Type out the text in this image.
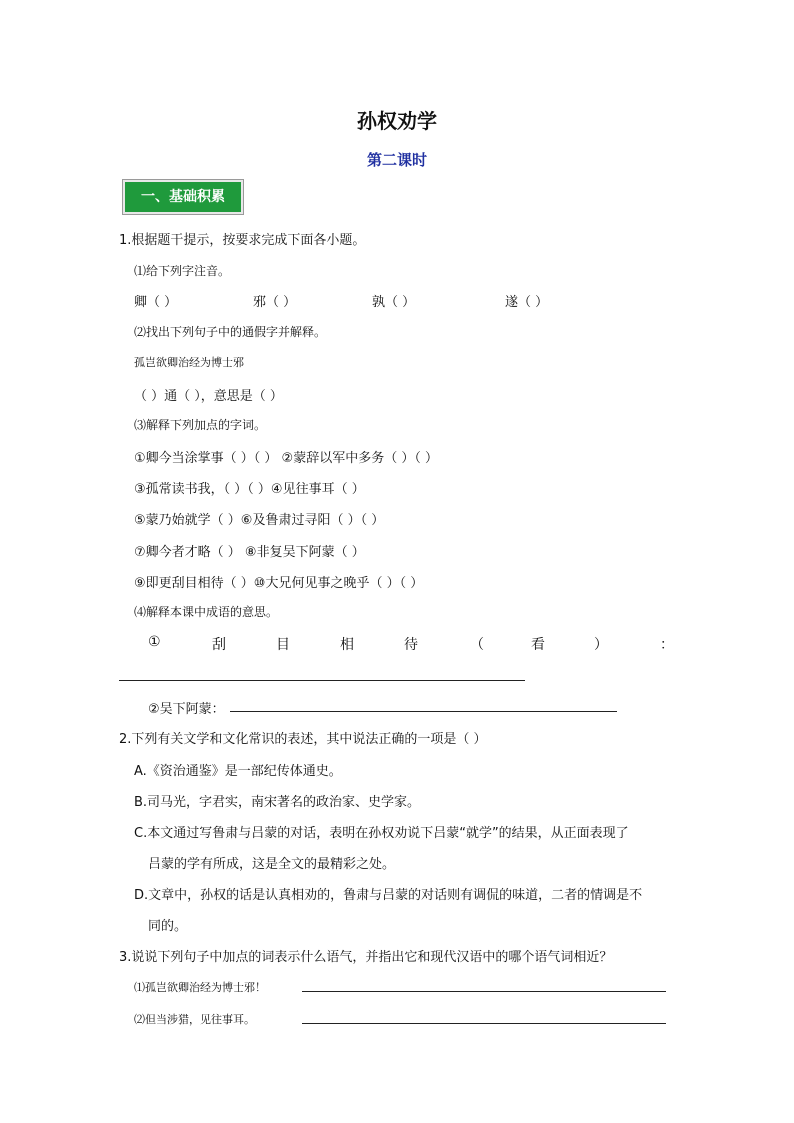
孙权劝学
第二课时
一、基础积累
1.根据题干提示，按要求完成下面各小题。
⑴给下列字注音。
卿（ ）	邪（ ）	孰（ ）	遂（ ）
⑵找出下列句子中的通假字并解释。
孤岂欲卿治经为博士邪
（ ）通（ ），意思是（ ）
⑶解释下列加点的字词。
①卿今当涂掌事（ ）（ ） ②蒙辞以军中多务（ ）（ ）
③孤常读书我，（ ）（ ）④见往事耳（ ）
⑤蒙乃始就学（ ）⑥及鲁肃过寻阳（ ）（ ）
⑦卿今者才略（ ） ⑧非复吴下阿蒙（ ）
⑨即更刮目相待（ ）⑩大兄何见事之晚乎（ ）（ ）
⑷解释本课中成语的意思。
①	刮	目	相	待	（	看	）	：
②吴下阿蒙：
2.下列有关文学和文化常识的表述，其中说法正确的一项是（ ）
A.《资治通鉴》是一部纪传体通史。
B.司马光，字君实，南宋著名的政治家、史学家。
C.本文通过写鲁肃与吕蒙的对话，表明在孙权劝说下吕蒙“就学”的结果，从正面表现了
吕蒙的学有所成，这是全文的最精彩之处。
D.文章中，孙权的话是认真相劝的，鲁肃与吕蒙的对话则有调侃的味道，二者的情调是不
同的。
3.说说下列句子中加点的词表示什么语气，并指出它和现代汉语中的哪个语气词相近？
⑴孤岂欲卿治经为博士邪！
⑵但当涉猎，见往事耳。
